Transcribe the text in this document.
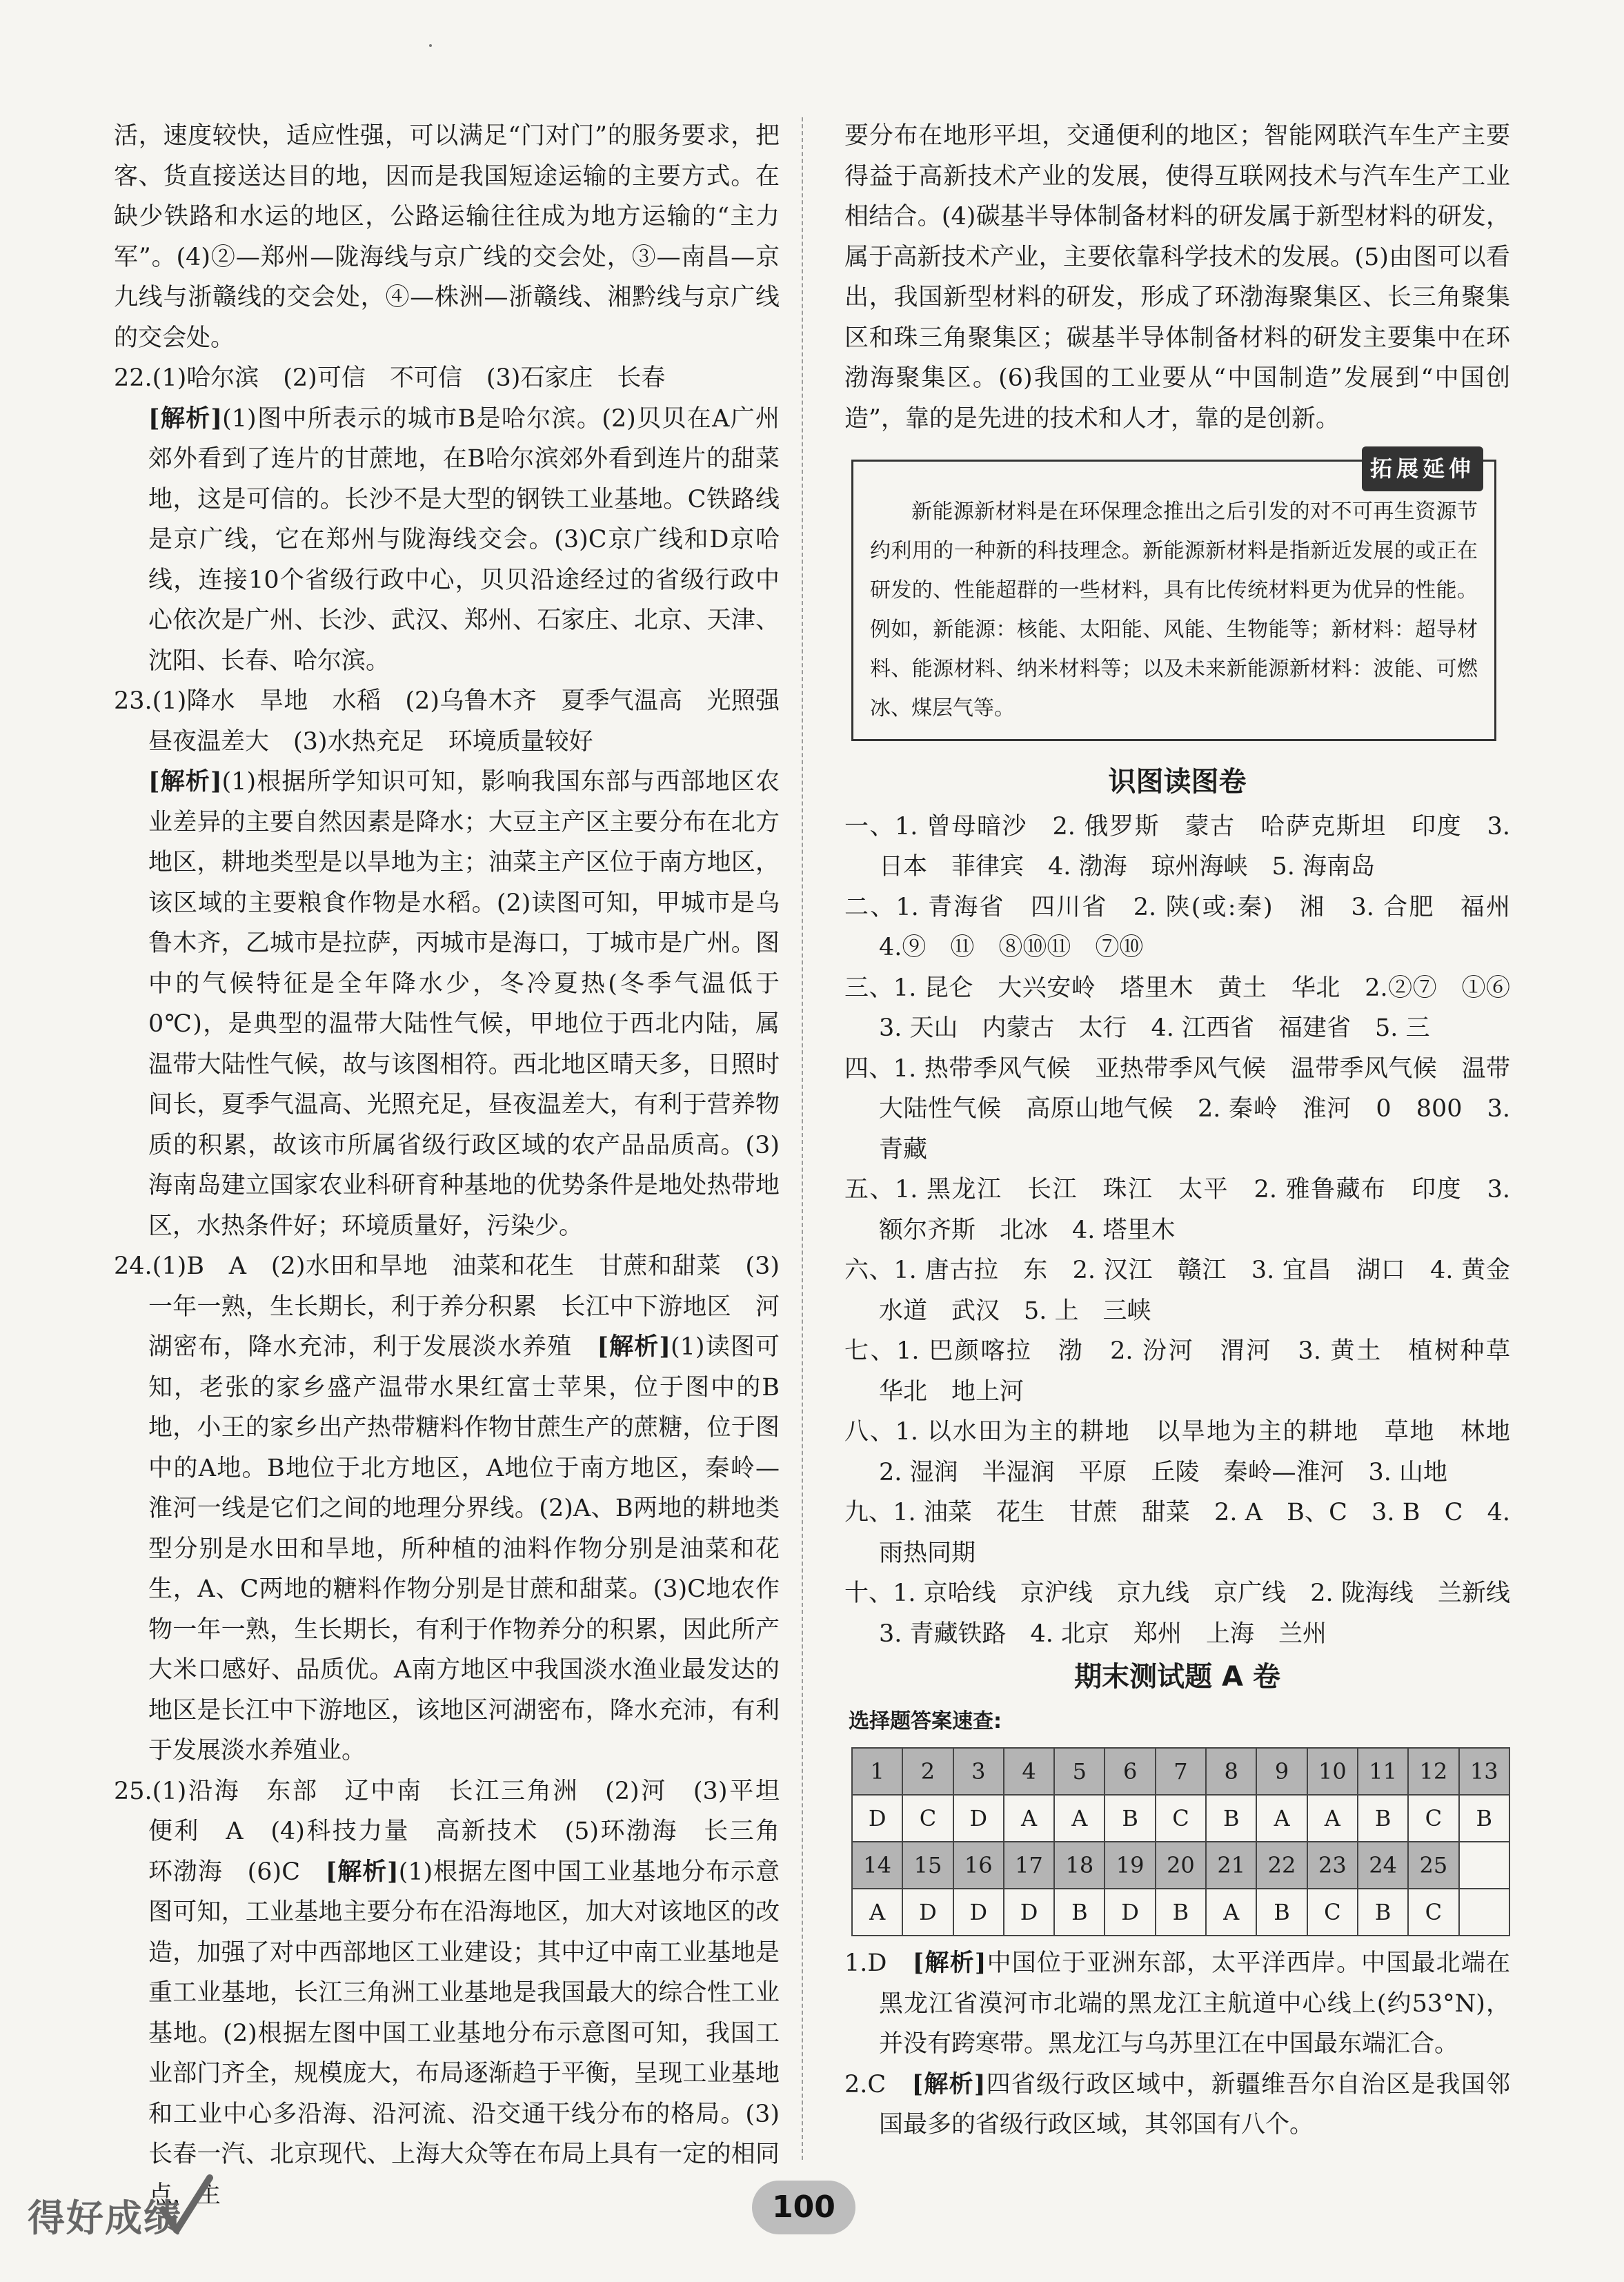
活，速度较快，适应性强，可以满足“门对门”的服务要求，把客、货直接送达目的地，因而是我国短途运输的主要方式。在缺少铁路和水运的地区，公路运输往往成为地方运输的“主力军”。(4)②—郑州—陇海线与京广线的交会处，③—南昌—京九线与浙赣线的交会处，④—株洲—浙赣线、湘黔线与京广线的交会处。

22.(1)哈尔滨　(2)可信　不可信　(3)石家庄　长春

[解析](1)图中所表示的城市B是哈尔滨。(2)贝贝在A广州郊外看到了连片的甘蔗地，在B哈尔滨郊外看到连片的甜菜地，这是可信的。长沙不是大型的钢铁工业基地。C铁路线是京广线，它在郑州与陇海线交会。(3)C京广线和D京哈线，连接10个省级行政中心，贝贝沿途经过的省级行政中心依次是广州、长沙、武汉、郑州、石家庄、北京、天津、沈阳、长春、哈尔滨。

23.(1)降水　旱地　水稻　(2)乌鲁木齐　夏季气温高　光照强　昼夜温差大　(3)水热充足　环境质量较好

[解析](1)根据所学知识可知，影响我国东部与西部地区农业差异的主要自然因素是降水；大豆主产区主要分布在北方地区，耕地类型是以旱地为主；油菜主产区位于南方地区，该区域的主要粮食作物是水稻。(2)读图可知，甲城市是乌鲁木齐，乙城市是拉萨，丙城市是海口，丁城市是广州。图中的气候特征是全年降水少，冬冷夏热(冬季气温低于0℃)，是典型的温带大陆性气候，甲地位于西北内陆，属温带大陆性气候，故与该图相符。西北地区晴天多，日照时间长，夏季气温高、光照充足，昼夜温差大，有利于营养物质的积累，故该市所属省级行政区域的农产品品质高。(3)海南岛建立国家农业科研育种基地的优势条件是地处热带地区，水热条件好；环境质量好，污染少。

24.(1)B　A　(2)水田和旱地　油菜和花生　甘蔗和甜菜　(3)一年一熟，生长期长，利于养分积累　长江中下游地区　河湖密布，降水充沛，利于发展淡水养殖　 [解析](1)读图可知，老张的家乡盛产温带水果红富士苹果，位于图中的B地，小王的家乡出产热带糖料作物甘蔗生产的蔗糖，位于图中的A地。B地位于北方地区，A地位于南方地区，秦岭—淮河一线是它们之间的地理分界线。(2)A、B两地的耕地类型分别是水田和旱地，所种植的油料作物分别是油菜和花生，A、C两地的糖料作物分别是甘蔗和甜菜。(3)C地农作物一年一熟，生长期长，有利于作物养分的积累，因此所产大米口感好、品质优。A南方地区中我国淡水渔业最发达的地区是长江中下游地区，该地区河湖密布，降水充沛，有利于发展淡水养殖业。

25.(1)沿海　东部　辽中南　长江三角洲　(2)河　(3)平坦　便利　A　(4)科技力量　高新技术　(5)环渤海　长三角　环渤海　(6)C　 [解析](1)根据左图中国工业基地分布示意图可知，工业基地主要分布在沿海地区，加大对该地区的改造，加强了对中西部地区工业建设；其中辽中南工业基地是重工业基地，长江三角洲工业基地是我国最大的综合性工业基地。(2)根据左图中国工业基地分布示意图可知，我国工业部门齐全，规模庞大，布局逐渐趋于平衡，呈现工业基地和工业中心多沿海、沿河流、沿交通干线分布的格局。(3)长春一汽、北京现代、上海大众等在布局上具有一定的相同点，主

要分布在地形平坦，交通便利的地区；智能网联汽车生产主要得益于高新技术产业的发展，使得互联网技术与汽车生产工业相结合。(4)碳基半导体制备材料的研发属于新型材料的研发，属于高新技术产业，主要依靠科学技术的发展。(5)由图可以看出，我国新型材料的研发，形成了环渤海聚集区、长三角聚集区和珠三角聚集区；碳基半导体制备材料的研发主要集中在环渤海聚集区。(6)我国的工业要从“中国制造”发展到“中国创造”，靠的是先进的技术和人才，靠的是创新。

拓展延伸

新能源新材料是在环保理念推出之后引发的对不可再生资源节约利用的一种新的科技理念。新能源新材料是指新近发展的或正在研发的、性能超群的一些材料，具有比传统材料更为优异的性能。例如，新能源：核能、太阳能、风能、生物能等；新材料：超导材料、能源材料、纳米材料等；以及未来新能源新材料：波能、可燃冰、煤层气等。

识图读图卷

一、1. 曾母暗沙　2. 俄罗斯　蒙古　哈萨克斯坦　印度　3. 日本　菲律宾　4. 渤海　琼州海峡　5. 海南岛

二、1. 青海省　四川省　2. 陕(或:秦)　湘　3. 合肥　福州　4.⑨　⑪　⑧⑩⑪　⑦⑩

三、1. 昆仑　大兴安岭　塔里木　黄土　华北　2.②⑦　①⑥　3. 天山　内蒙古　太行　4. 江西省　福建省　5. 三

四、1. 热带季风气候　亚热带季风气候　温带季风气候　温带大陆性气候　高原山地气候　2. 秦岭　淮河　0　800　3. 青藏

五、1. 黑龙江　长江　珠江　太平　2. 雅鲁藏布　印度　3. 额尔齐斯　北冰　4. 塔里木

六、1. 唐古拉　东　2. 汉江　赣江　3. 宜昌　湖口　4. 黄金水道　武汉　5. 上　三峡

七、1. 巴颜喀拉　渤　2. 汾河　渭河　3. 黄土　植树种草　华北　地上河

八、1. 以水田为主的耕地　以旱地为主的耕地　草地　林地　2. 湿润　半湿润　平原　丘陵　秦岭—淮河　3. 山地

九、1. 油菜　花生　甘蔗　甜菜　2. A　B、C　3. B　C　4. 雨热同期

十、1. 京哈线　京沪线　京九线　京广线　2. 陇海线　兰新线　3. 青藏铁路　4. 北京　郑州　上海　兰州

期末测试题 A 卷
选择题答案速查:
1	2	3	4	5	6	7	8	9	10	11	12	13
D	C	D	A	A	B	C	B	A	A	B	C	B
14	15	16	17	18	19	20	21	22	23	24	25	
A	D	D	D	B	D	B	A	B	C	B	C	

1.D　[解析]中国位于亚洲东部，太平洋西岸。中国最北端在黑龙江省漠河市北端的黑龙江主航道中心线上(约53°N)，并没有跨寒带。黑龙江与乌苏里江在中国最东端汇合。

2.C　[解析]四省级行政区域中，新疆维吾尔自治区是我国邻国最多的省级行政区域，其邻国有八个。

得好成绩	100
